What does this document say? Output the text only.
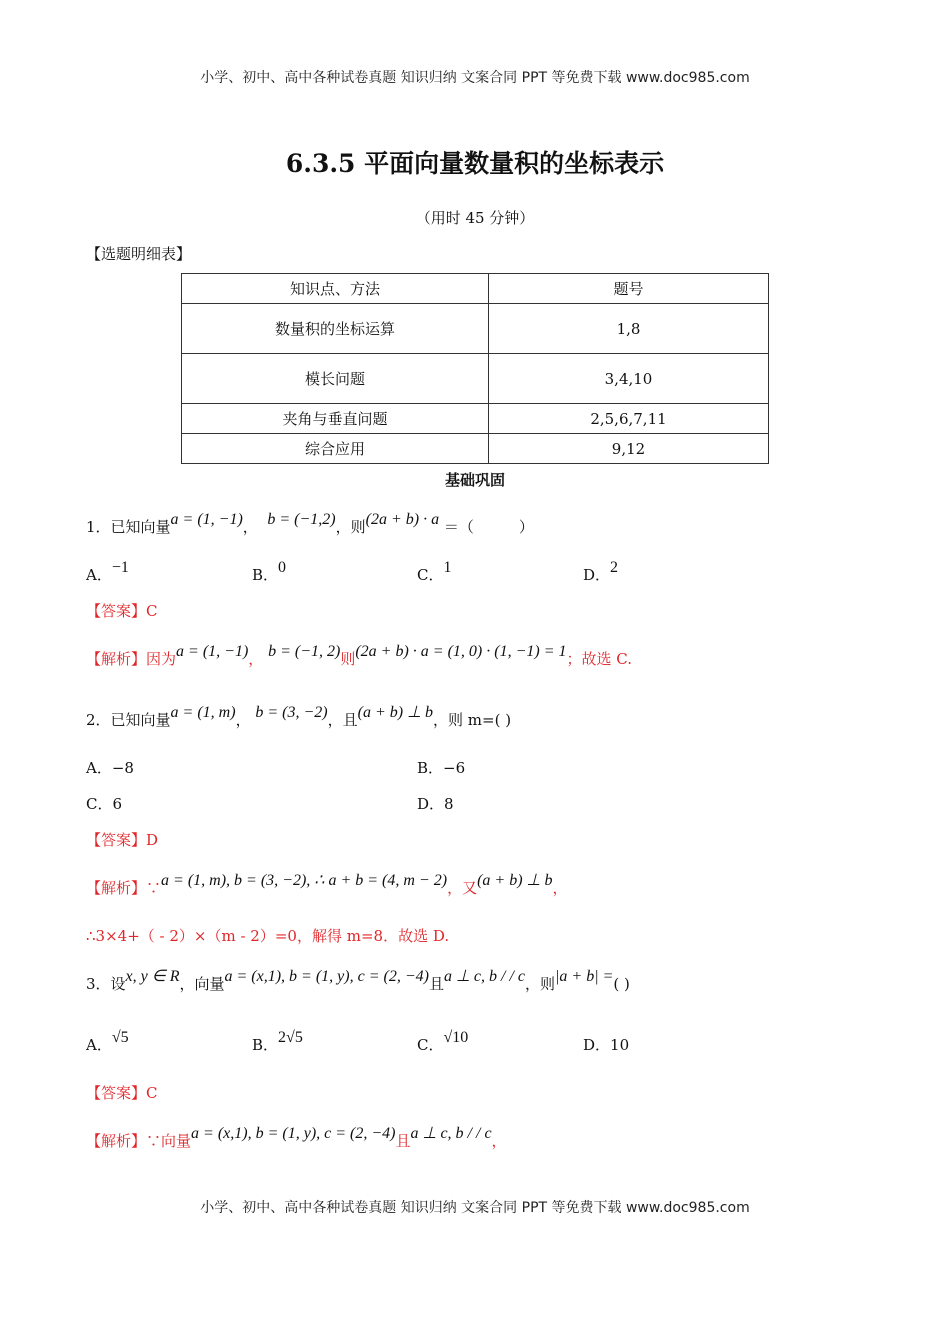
小学、初中、高中各种试卷真题 知识归纳 文案合同 PPT 等免费下载 www.doc985.com
6.3.5 平面向量数量积的坐标表示
（用时 45 分钟）
【选题明细表】
知识点、方法	题号
数量积的坐标运算	1,8
模长问题	3,4,10
夹角与垂直问题	2,5,6,7,11
综合应用	9,12
基础巩固
1．已知向量a = (1, −1)， b = (−1,2)，则(2a + b) · a ＝（　　　）
A．−1	B．0	C．1	D．2
【答案】C
【解析】因为a = (1, −1)， b = (−1, 2)则(2a + b) · a = (1, 0) · (1, −1) = 1；故选 C.
2．已知向量a = (1, m)， b = (3, −2)，且(a + b) ⊥ b，则 m=( )
A．−8	B．−6
C．6	D．8
【答案】D
【解析】∵a = (1, m), b = (3, −2), ∴ a + b = (4, m − 2)，又(a + b) ⊥ b，
∴3×4+（ - 2）×（m - 2）=0，解得 m=8．故选 D.
3．设x, y ∈ R，向量a = (x,1), b = (1, y), c = (2, −4)且a ⊥ c, b / / c，则|a + b| =( )
A．√5	B．2√5	C．√10	D．10
【答案】C
【解析】∵向量a = (x,1), b = (1, y), c = (2, −4)且a ⊥ c, b / / c，
小学、初中、高中各种试卷真题 知识归纳 文案合同 PPT 等免费下载 www.doc985.com
